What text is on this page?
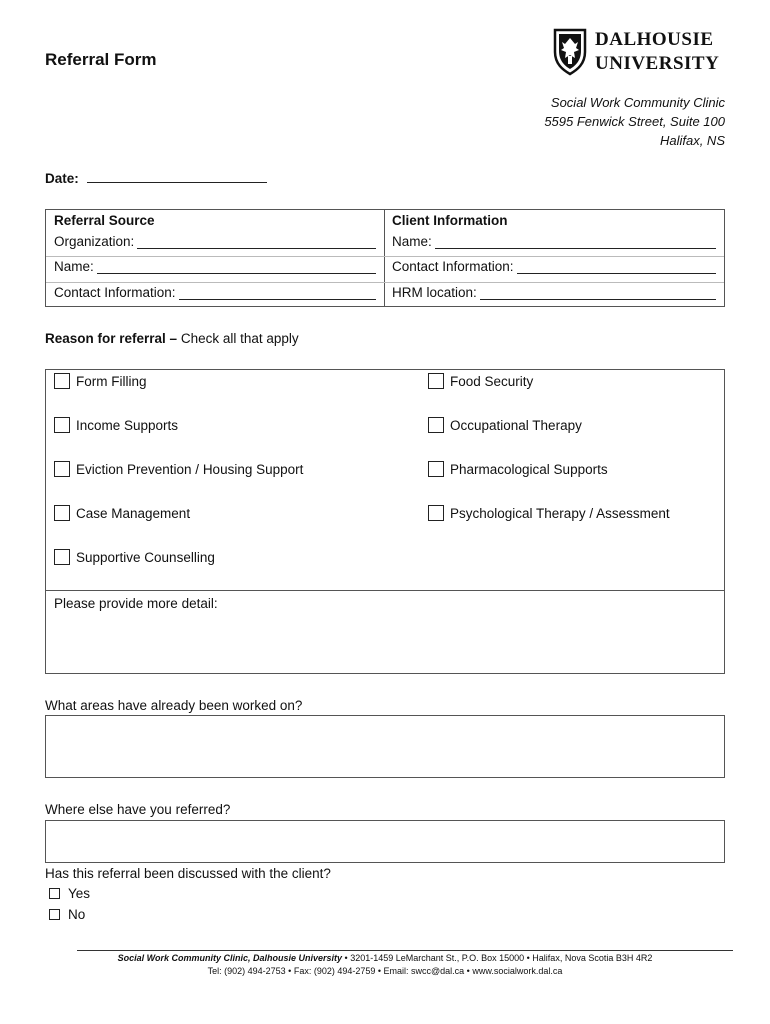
Referral Form
DALHOUSIE
UNIVERSITY
Social Work Community Clinic
5595 Fenwick Street, Suite 100
Halifax, NS
Date:
Referral Source
Organization:
Name:
Contact Information:
Client Information
Name:
Contact Information:
HRM location:
Reason for referral – Check all that apply
Form Filling
Income Supports
Eviction Prevention / Housing Support
Case Management
Supportive Counselling
Food Security
Occupational Therapy
Pharmacological Supports
Psychological Therapy / Assessment
Please provide more detail:
What areas have already been worked on?
Where else have you referred?
Has this referral been discussed with the client?
Yes
No
Social Work Community Clinic, Dalhousie University • 3201-1459 LeMarchant St., P.O. Box 15000 • Halifax, Nova Scotia B3H 4R2
Tel: (902) 494-2753 • Fax: (902) 494-2759 • Email: swcc@dal.ca • www.socialwork.dal.ca
